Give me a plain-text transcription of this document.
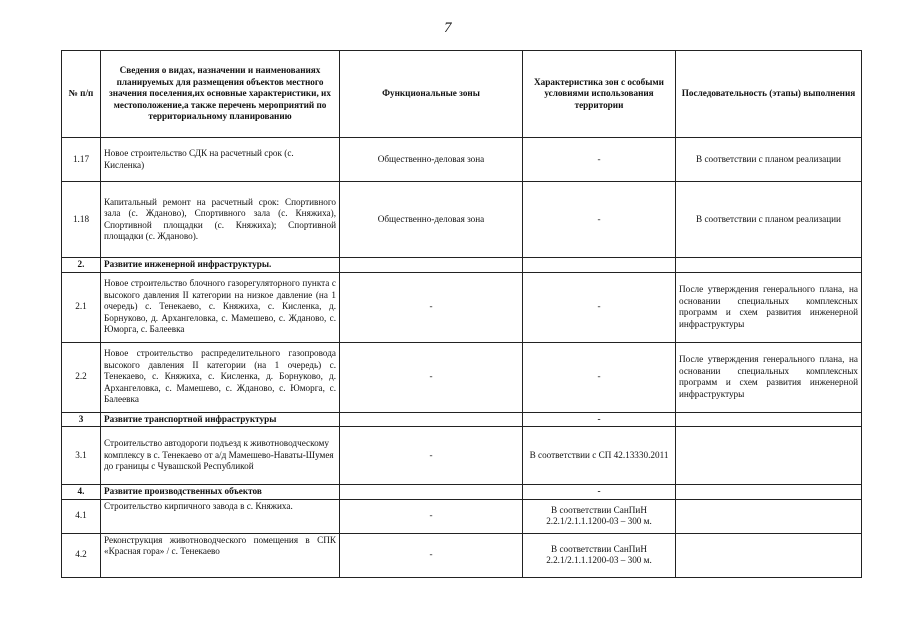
7
№ п/п	Сведения о видах, назначении и наименованиях планируемых для размещения объектов местного значения поселения,их основные характеристики, их местоположение,а также перечень мероприятий по территориальному планированию	Функциональные зоны	Характеристика зон с особыми условиями использования территории	Последовательность (этапы) выполнения
1.17	Новое строительство СДК на расчетный срок (с. Кисленка)	Общественно-деловая зона	-	В соответствии с планом реализации
1.18	Капитальный ремонт на расчетный срок: Спортивного зала (с. Жданово), Спортивного зала (с. Княжиха), Спортивной площадки (с. Княжиха); Спортивной площадки (с. Жданово).	Общественно-деловая зона	-	В соответствии с планом реализации
2.	Развитие инженерной инфраструктуры.			
2.1	Новое строительство блочного газорегуляторного пункта с высокого давления II категории на низкое давление (на 1 очередь) с. Тенекаево, с. Княжиха, с. Кисленка, д. Борнуково, д. Архангеловка, с. Мамешево, с. Жданово, с. Юморга, с. Балеевка	-	-	После утверждения генерального плана, на основании специальных комплексных программ и схем развития инженерной инфраструктуры
2.2	Новое строительство распределительного газопровода высокого давления II категории (на 1 очередь) с. Тенекаево, с. Княжиха, с. Кисленка, д. Борнуково, д. Архангеловка, с. Мамешево, с. Жданово, с. Юморга, с. Балеевка	-	-	После утверждения генерального плана, на основании специальных комплексных программ и схем развития инженерной инфраструктуры
3	Развитие транспортной инфраструктуры		-	
3.1	Строительство автодороги подъезд к животноводческому комплексу в с. Тенекаево от а/д Мамешево-Наваты-Шумея до границы с Чувашской Республикой	-	В соответствии с СП 42.13330.2011	
4.	Развитие производственных объектов		-	
4.1	Строительство кирпичного завода в с. Княжиха.	-	В соответствии СанПиН 2.2.1/2.1.1.1200-03 – 300 м.	
4.2	Реконструкция животноводческого помещения в СПК «Красная гора» / с. Тенекаево	-	В соответствии СанПиН 2.2.1/2.1.1.1200-03 – 300 м.	
